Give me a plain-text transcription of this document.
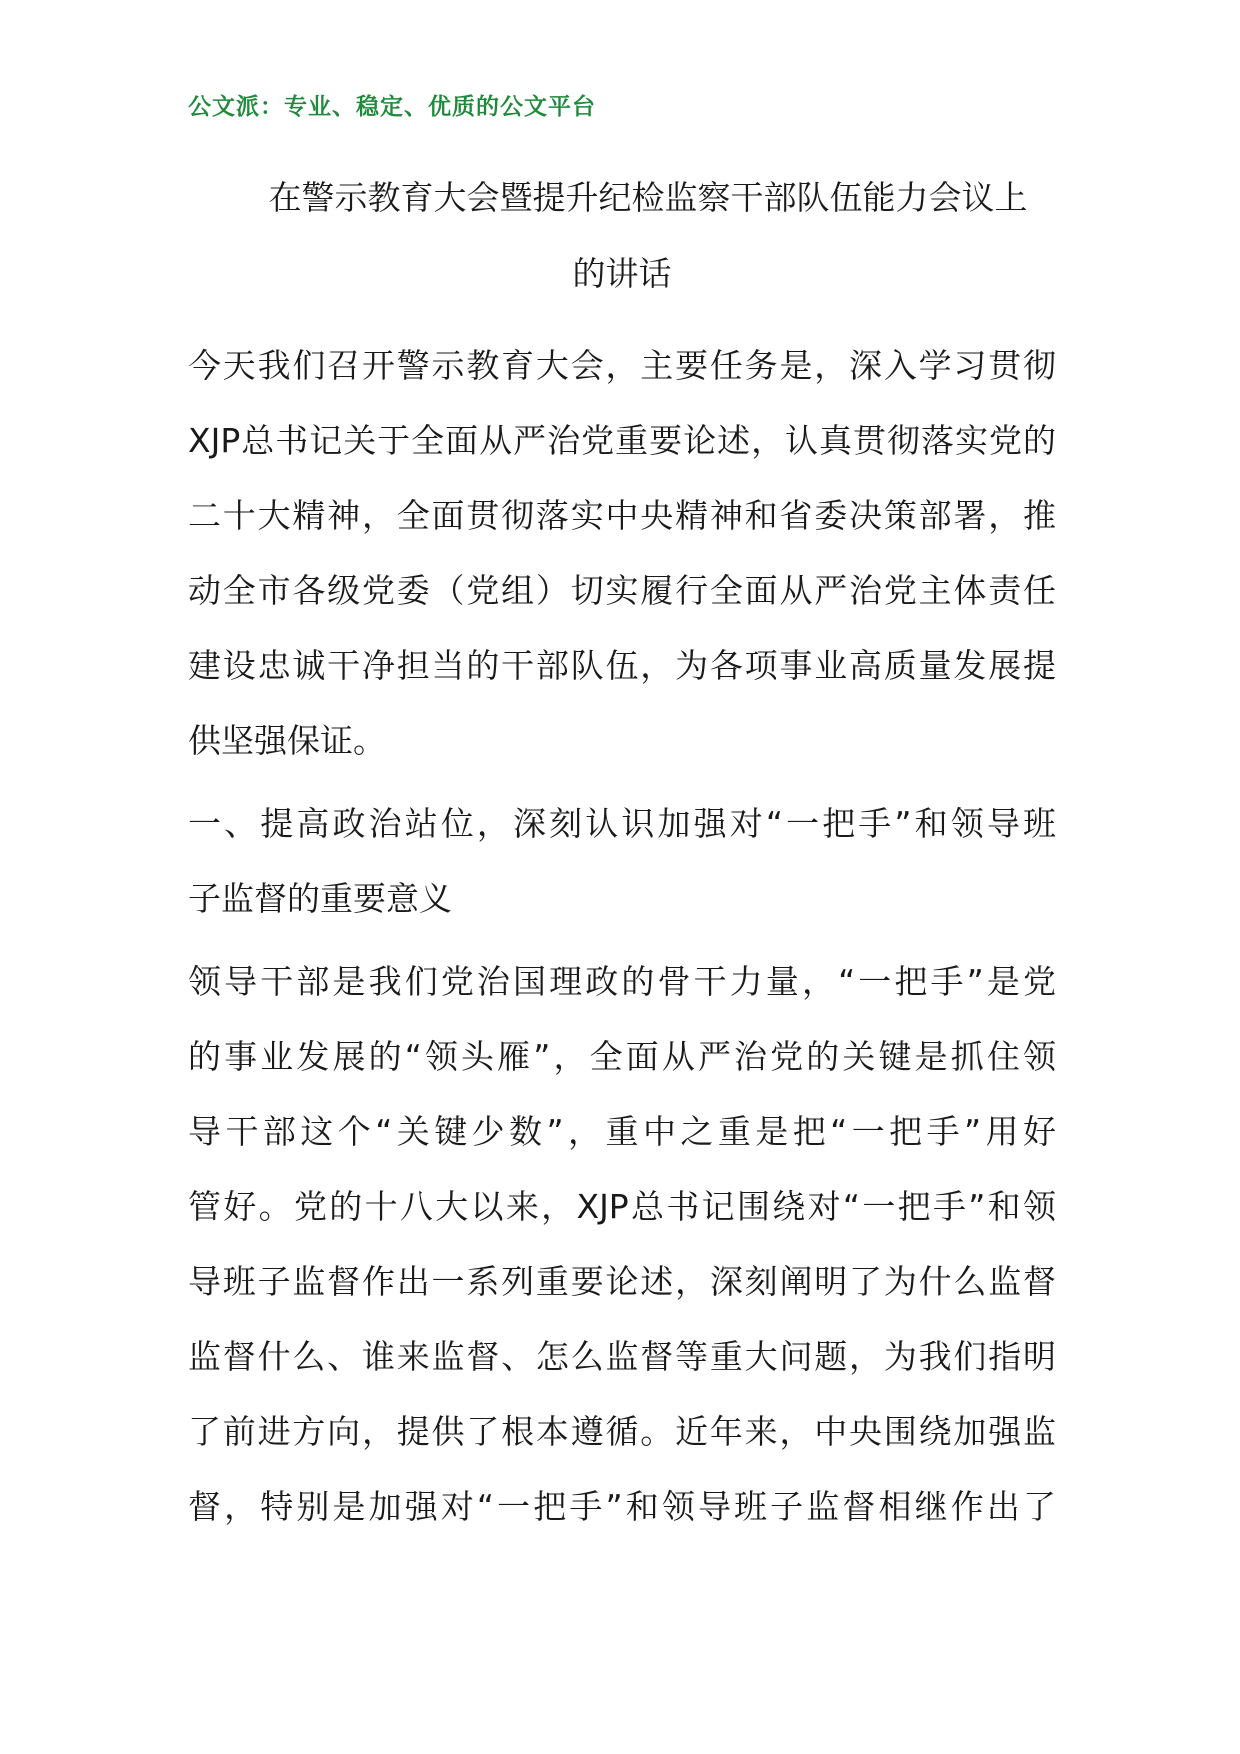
公文派：专业、稳定、优质的公文平台
在警示教育大会暨提升纪检监察干部队伍能力会议上
的讲话
今天我们召开警示教育大会，主要任务是，深入学习贯彻
XJP总书记关于全面从严治党重要论述，认真贯彻落实党的
二十大精神，全面贯彻落实中央精神和省委决策部署，推
动全市各级党委（党组）切实履行全面从严治党主体责任
建设忠诚干净担当的干部队伍，为各项事业高质量发展提
供坚强保证。
一、提高政治站位，深刻认识加强对“一把手”和领导班
子监督的重要意义
领导干部是我们党治国理政的骨干力量，“一把手”是党
的事业发展的“领头雁”，全面从严治党的关键是抓住领
导干部这个“关键少数”，重中之重是把“一把手”用好
管好。党的十八大以来，XJP总书记围绕对“一把手”和领
导班子监督作出一系列重要论述，深刻阐明了为什么监督
监督什么、谁来监督、怎么监督等重大问题，为我们指明
了前进方向，提供了根本遵循。近年来，中央围绕加强监
督，特别是加强对“一把手”和领导班子监督相继作出了
